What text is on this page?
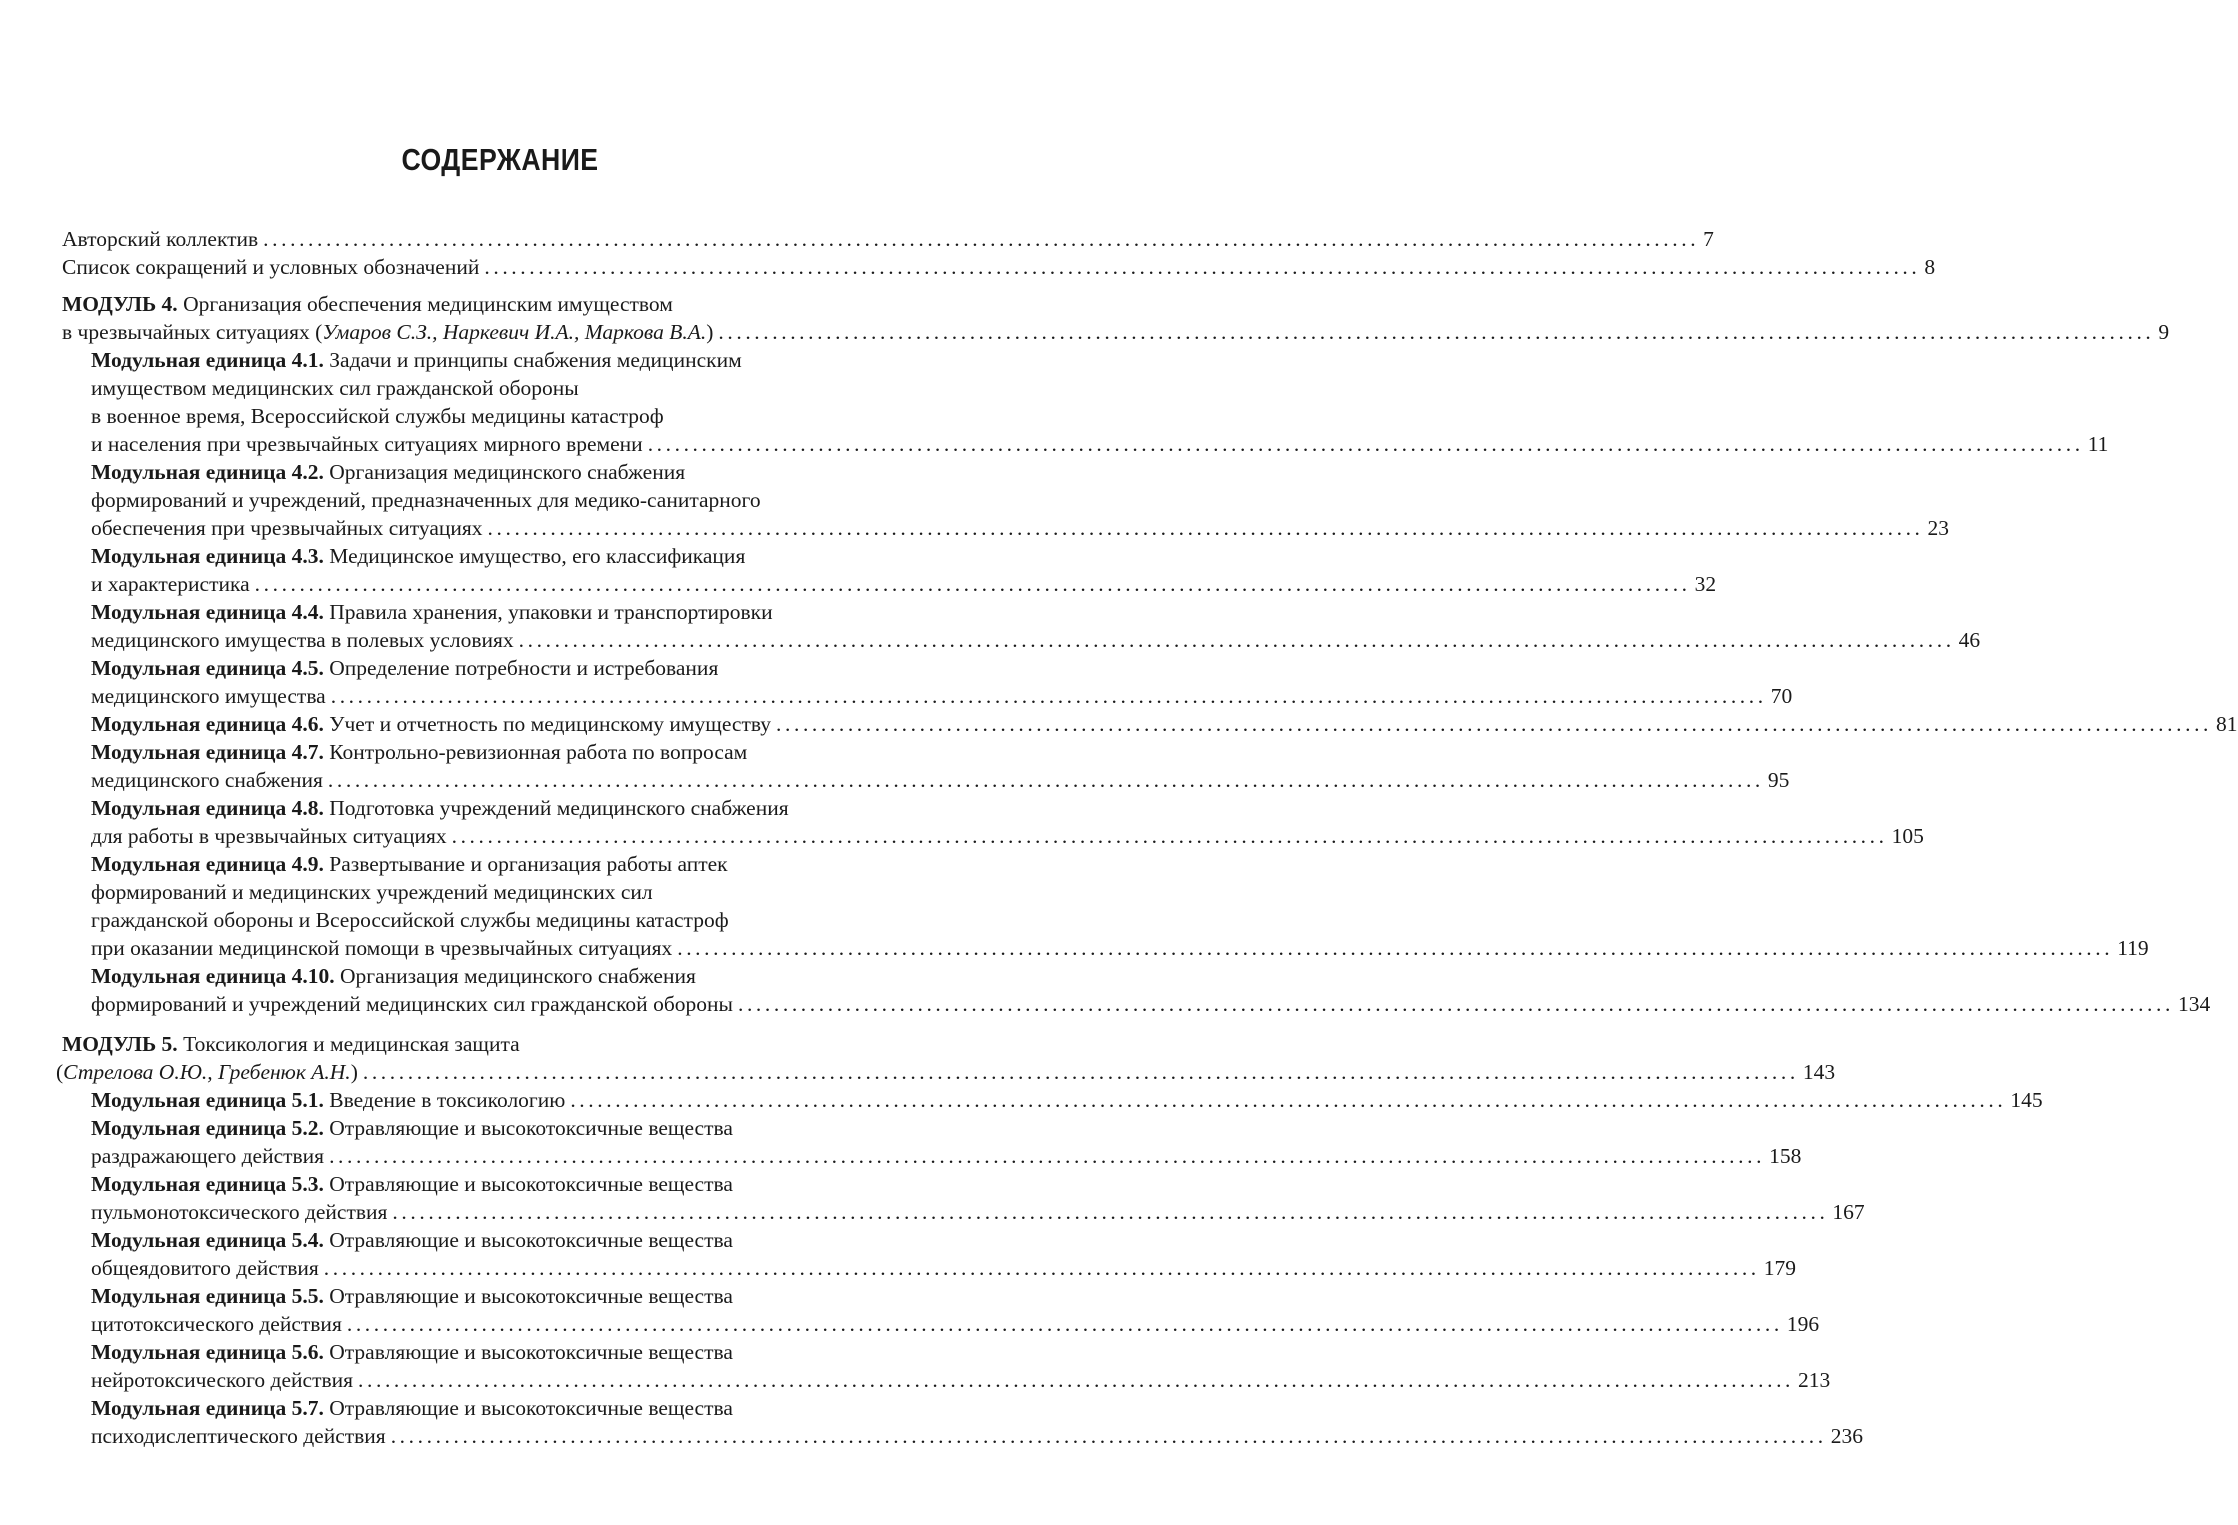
СОДЕРЖАНИЕ
Авторский коллектив ................................................................................................................................................................ 7
Список сокращений и условных обозначений ................................................................................................................................................................ 8
МОДУЛЬ 4. Организация обеспечения медицинским имуществом
в чрезвычайных ситуациях (Умаров С.З., Наркевич И.А., Маркова В.А.) ................................................................................................................................................................ 9
Модульная единица 4.1. Задачи и принципы снабжения медицинским
имуществом медицинских сил гражданской обороны
в военное время, Всероссийской службы медицины катастроф
и населения при чрезвычайных ситуациях мирного времени ................................................................................................................................................................ 11
Модульная единица 4.2. Организация медицинского снабжения
формирований и учреждений, предназначенных для медико-санитарного
обеспечения при чрезвычайных ситуациях ................................................................................................................................................................ 23
Модульная единица 4.3. Медицинское имущество, его классификация
и характеристика ................................................................................................................................................................ 32
Модульная единица 4.4. Правила хранения, упаковки и транспортировки
медицинского имущества в полевых условиях ................................................................................................................................................................ 46
Модульная единица 4.5. Определение потребности и истребования
медицинского имущества ................................................................................................................................................................ 70
Модульная единица 4.6. Учет и отчетность по медицинскому имуществу ................................................................................................................................................................ 81
Модульная единица 4.7. Контрольно-ревизионная работа по вопросам
медицинского снабжения ................................................................................................................................................................ 95
Модульная единица 4.8. Подготовка учреждений медицинского снабжения
для работы в чрезвычайных ситуациях ................................................................................................................................................................ 105
Модульная единица 4.9. Развертывание и организация работы аптек
формирований и медицинских учреждений медицинских сил
гражданской обороны и Всероссийской службы медицины катастроф
при оказании медицинской помощи в чрезвычайных ситуациях ................................................................................................................................................................ 119
Модульная единица 4.10. Организация медицинского снабжения
формирований и учреждений медицинских сил гражданской обороны ................................................................................................................................................................ 134
МОДУЛЬ 5. Токсикология и медицинская защита
(Стрелова О.Ю., Гребенюк А.Н.) ................................................................................................................................................................ 143
Модульная единица 5.1. Введение в токсикологию ................................................................................................................................................................ 145
Модульная единица 5.2. Отравляющие и высокотоксичные вещества
раздражающего действия ................................................................................................................................................................ 158
Модульная единица 5.3. Отравляющие и высокотоксичные вещества
пульмонотоксического действия ................................................................................................................................................................ 167
Модульная единица 5.4. Отравляющие и высокотоксичные вещества
общеядовитого действия ................................................................................................................................................................ 179
Модульная единица 5.5. Отравляющие и высокотоксичные вещества
цитотоксического действия ................................................................................................................................................................ 196
Модульная единица 5.6. Отравляющие и высокотоксичные вещества
нейротоксического действия ................................................................................................................................................................ 213
Модульная единица 5.7. Отравляющие и высокотоксичные вещества
психодислептического действия ................................................................................................................................................................ 236
